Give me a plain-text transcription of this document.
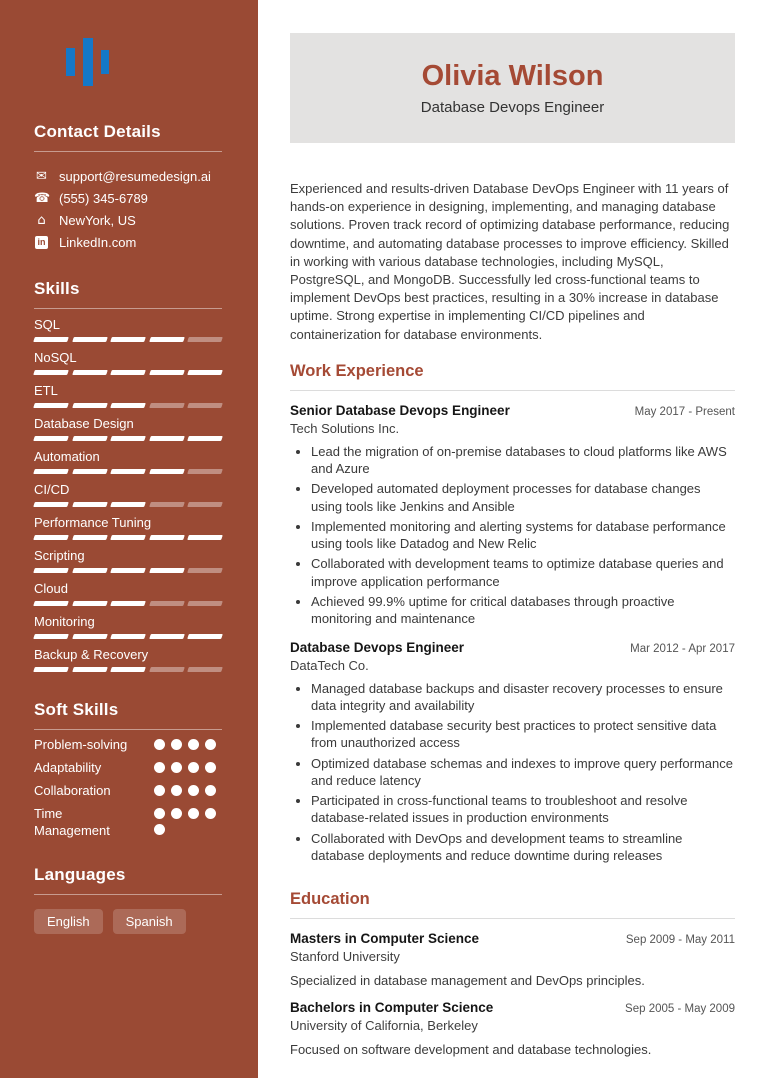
Contact Details
✉ support@resumedesign.ai
☎ (555) 345-6789
⌂ NewYork, US
in LinkedIn.com
Skills
SQL
NoSQL
ETL
Database Design
Automation
CI/CD
Performance Tuning
Scripting
Cloud
Monitoring
Backup & Recovery
Soft Skills
Problem-solving
Adaptability
Collaboration
Time Management
Languages
English	Spanish
Olivia Wilson
Database Devops Engineer

Experienced and results-driven Database DevOps Engineer with 11 years of hands-on experience in designing, implementing, and managing database solutions. Proven track record of optimizing database performance, reducing downtime, and automating database processes to improve efficiency. Skilled in working with various database technologies, including MySQL, PostgreSQL, and MongoDB. Successfully led cross-functional teams to implement DevOps best practices, resulting in a 30% increase in database uptime. Strong expertise in implementing CI/CD pipelines and containerization for database environments.

Work Experience
Senior Database Devops Engineer	May 2017 - Present
Tech Solutions Inc.
• Lead the migration of on-premise databases to cloud platforms like AWS and Azure
• Developed automated deployment processes for database changes using tools like Jenkins and Ansible
• Implemented monitoring and alerting systems for database performance using tools like Datadog and New Relic
• Collaborated with development teams to optimize database queries and improve application performance
• Achieved 99.9% uptime for critical databases through proactive monitoring and maintenance
Database Devops Engineer	Mar 2012 - Apr 2017
DataTech Co.
• Managed database backups and disaster recovery processes to ensure data integrity and availability
• Implemented database security best practices to protect sensitive data from unauthorized access
• Optimized database schemas and indexes to improve query performance and reduce latency
• Participated in cross-functional teams to troubleshoot and resolve database-related issues in production environments
• Collaborated with DevOps and development teams to streamline database deployments and reduce downtime during releases
Education
Masters in Computer Science	Sep 2009 - May 2011
Stanford University
Specialized in database management and DevOps principles.
Bachelors in Computer Science	Sep 2005 - May 2009
University of California, Berkeley
Focused on software development and database technologies.
